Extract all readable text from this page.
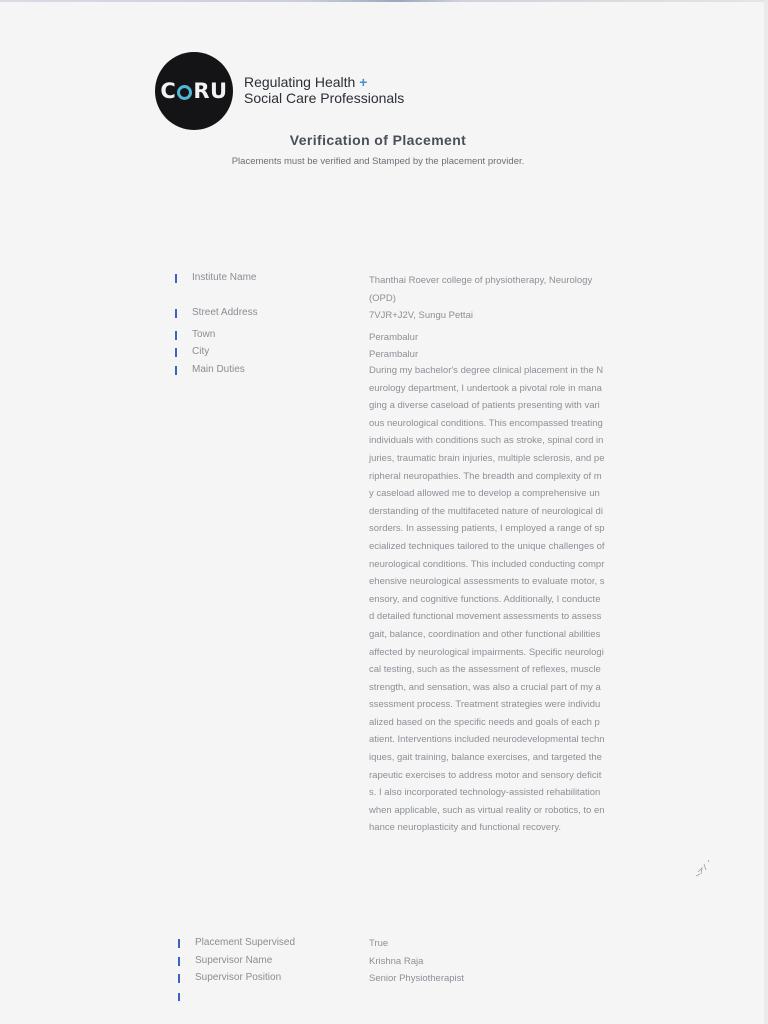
C RU Regulating Health +
Social Care Professionals
Verification of Placement
Placements must be verified and Stamped by the placement provider.
Institute Name	Thanthai Roever college of physiotherapy, Neurology (OPD)
Street Address	7VJR+J2V, Sungu Pettai
Town	Perambalur
City	Perambalur
Main Duties	During my bachelor's degree clinical placement in the Neurology department, I undertook a pivotal role in managing a diverse caseload of patients presenting with various neurological conditions. This encompassed treating individuals with conditions such as stroke, spinal cord injuries, traumatic brain injuries, multiple sclerosis, and peripheral neuropathies. The breadth and complexity of my caseload allowed me to develop a comprehensive understanding of the multifaceted nature of neurological disorders. In assessing patients, I employed a range of specialized techniques tailored to the unique challenges of neurological conditions. This included conducting comprehensive neurological assessments to evaluate motor, sensory, and cognitive functions. Additionally, I conducted detailed functional movement assessments to assess gait, balance, coordination and other functional abilities affected by neurological impairments. Specific neurological testing, such as the assessment of reflexes, muscle strength, and sensation, was also a crucial part of my assessment process. Treatment strategies were individualized based on the specific needs and goals of each patient. Interventions included neurodevelopmental techniques, gait training, balance exercises, and targeted therapeutic exercises to address motor and sensory deficits. I also incorporated technology-assisted rehabilitation when applicable, such as virtual reality or robotics, to enhance neuroplasticity and functional recovery.
Placement Supervised	True
Supervisor Name	Krishna Raja
Supervisor Position	Senior Physiotherapist
